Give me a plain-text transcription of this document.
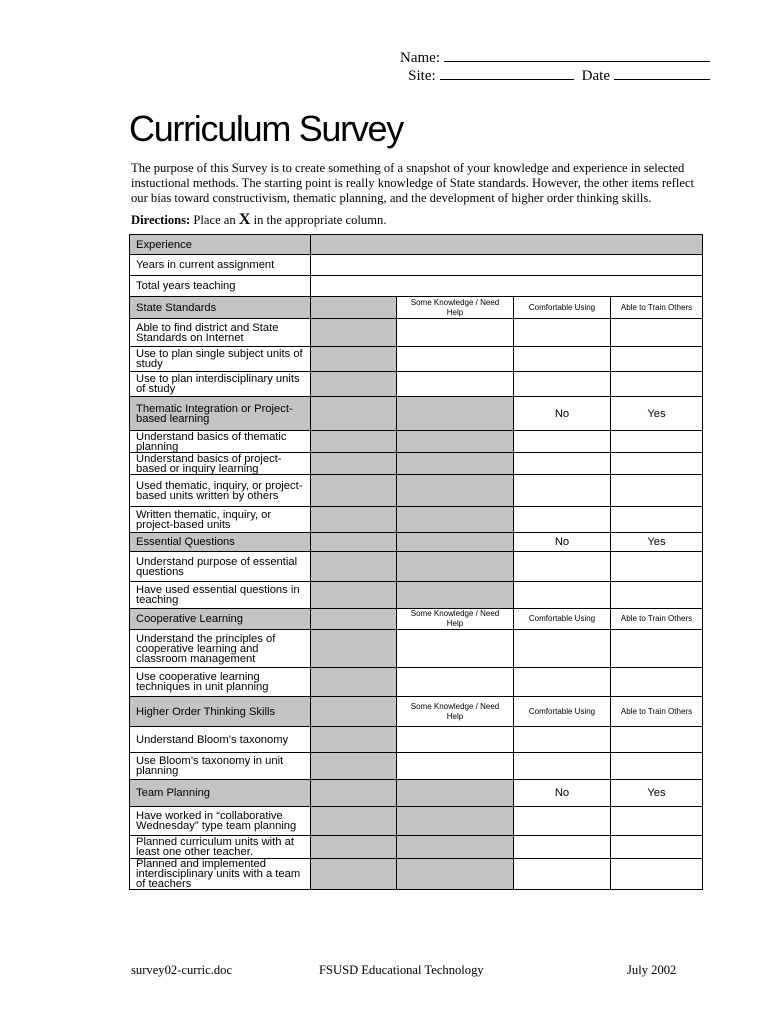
Name:
Site:	Date
Curriculum Survey

The purpose of this Survey is to create something of a snapshot of your knowledge and experience in selected instuctional methods. The starting point is really knowledge of State standards. However, the other items reflect our bias toward constructivism, thematic planning, and the development of higher order thinking skills.

Directions: Place an X in the appropriate column.

Experience				
Years in current assignment				
Total years teaching				
State Standards		Some Knowledge / Need Help	Comfortable Using	Able to Train Others
Able to find district and State Standards on Internet				
Use to plan single subject units of study				
Use to plan interdisciplinary units of study				
Thematic Integration or Project-based learning			No	Yes
Understand basics of thematic planning				
Understand basics of project-based or inquiry learning				
Used thematic, inquiry, or project-based units written by others				
Written thematic, inquiry, or project-based units				
Essential Questions			No	Yes
Understand purpose of essential questions				
Have used essential questions in teaching				
Cooperative Learning		Some Knowledge / Need Help	Comfortable Using	Able to Train Others
Understand the principles of cooperative learning and classroom management				
Use cooperative learning techniques in unit planning				
Higher Order Thinking Skills		Some Knowledge / Need Help	Comfortable Using	Able to Train Others
Understand Bloom’s taxonomy				
Use Bloom’s taxonomy in unit planning				
Team Planning			No	Yes
Have worked in “collaborative Wednesday” type team planning				
Planned curriculum units with at least one other teacher.				
Planned and implemented interdisciplinary units with a team of teachers				
survey02-curric.doc	FSUSD Educational Technology	July 2002
